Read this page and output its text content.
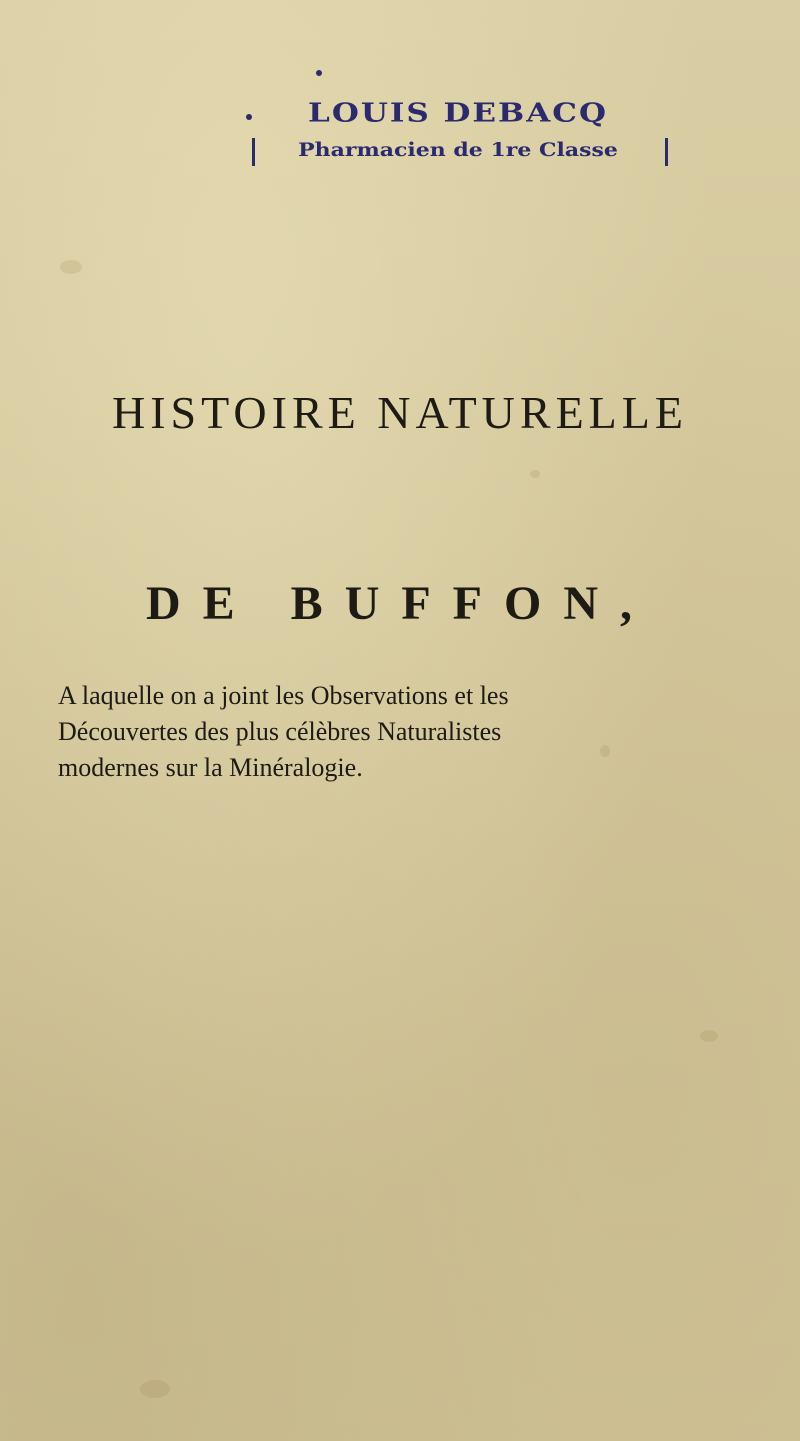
LOUIS DEBACQ
Pharmacien de 1re Classe
HISTOIRE NATURELLE
DE BUFFON,
A laquelle on a joint les Observations et les
Découvertes des plus célèbres Naturalistes
modernes sur la Minéralogie.
